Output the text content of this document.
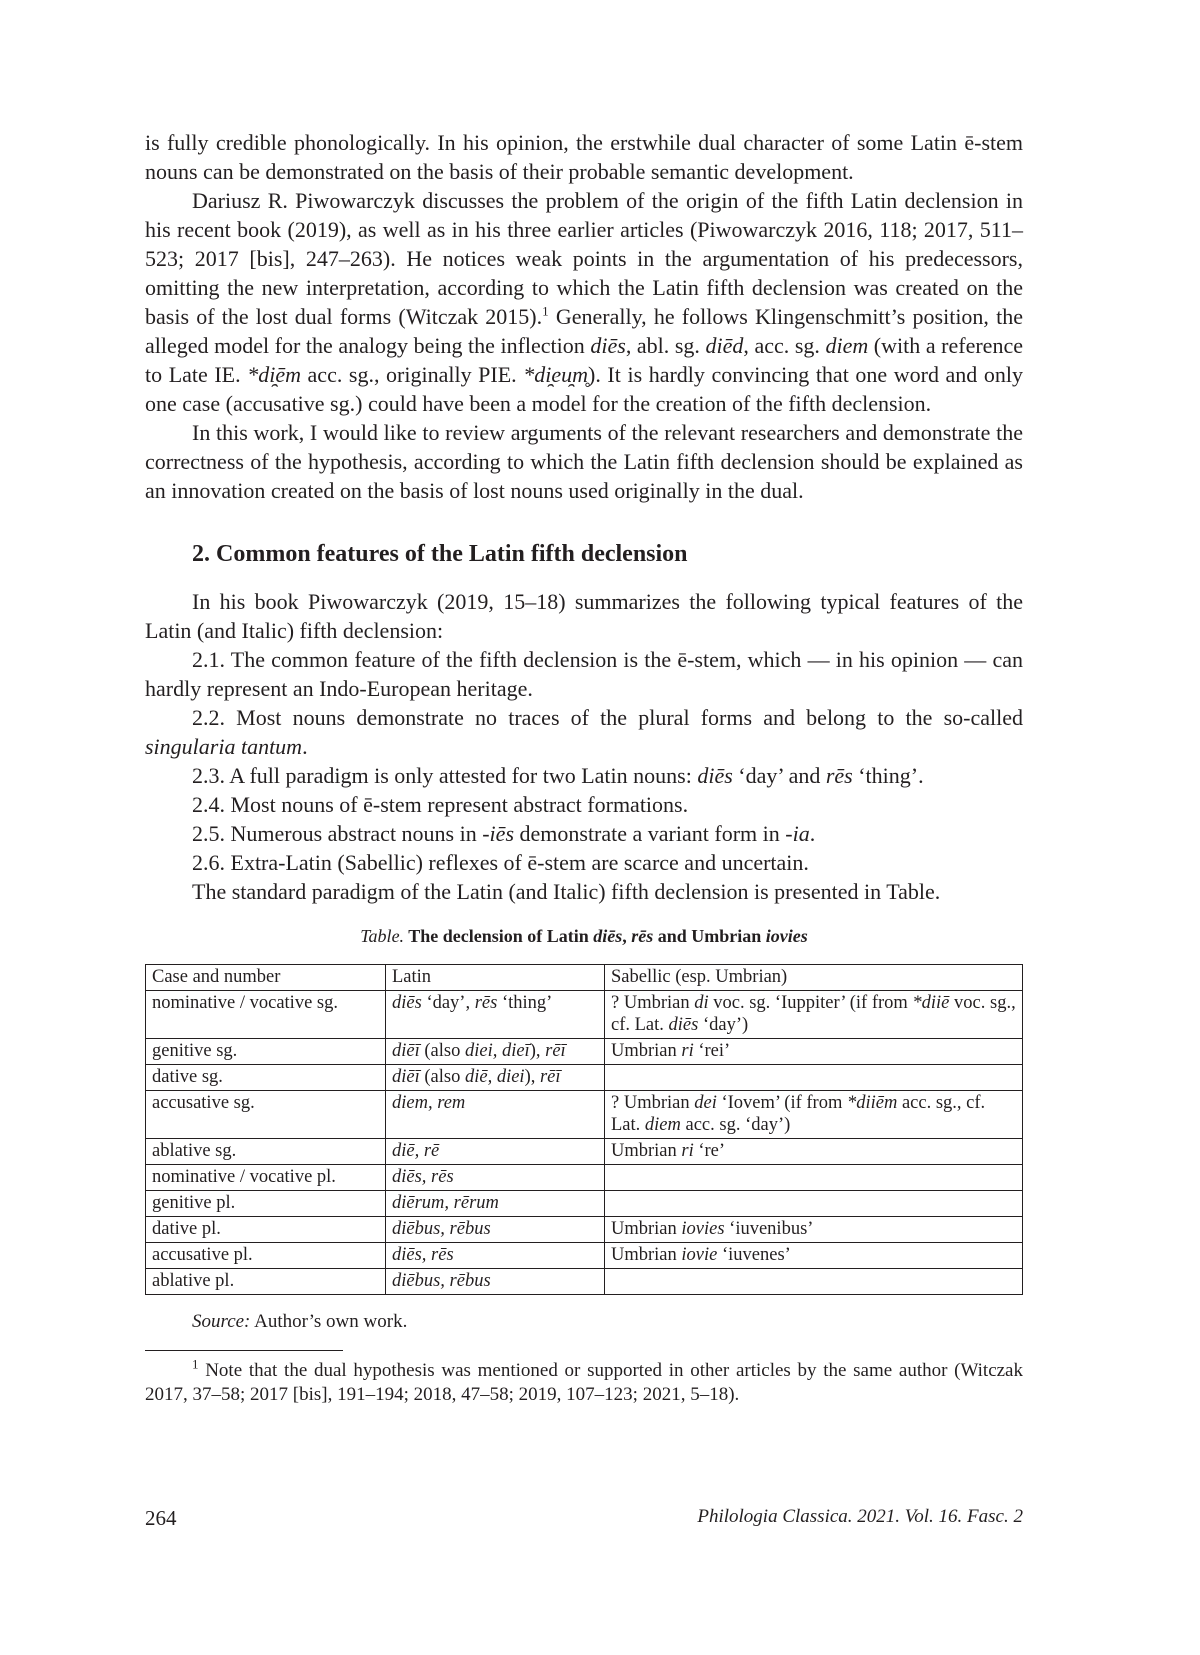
is fully credible phonologically. In his opinion, the erstwhile dual character of some Latin ē-stem nouns can be demonstrated on the basis of their probable semantic development.

Dariusz R. Piwowarczyk discusses the problem of the origin of the fifth Latin declension in his recent book (2019), as well as in his three earlier articles (Piwowarczyk 2016, 118; 2017, 511–523; 2017 [bis], 247–263). He notices weak points in the argumentation of his predecessors, omitting the new interpretation, according to which the Latin fifth declension was created on the basis of the lost dual forms (Witczak 2015).$^1$ Generally, he follows Klingenschmitt’s position, the alleged model for the analogy being the inflection diēs, abl. sg. diēd, acc. sg. diem (with a reference to Late IE. *di̯ēm acc. sg., originally PIE. *di̯eu̯m̥). It is hardly convincing that one word and only one case (accusative sg.) could have been a model for the creation of the fifth declension.

In this work, I would like to review arguments of the relevant researchers and demonstrate the correctness of the hypothesis, according to which the Latin fifth declension should be explained as an innovation created on the basis of lost nouns used originally in the dual.

2. Common features of the Latin fifth declension

In his book Piwowarczyk (2019, 15–18) summarizes the following typical features of the Latin (and Italic) fifth declension:

2.1. The common feature of the fifth declension is the ē-stem, which — in his opinion — can hardly represent an Indo-European heritage.

2.2. Most nouns demonstrate no traces of the plural forms and belong to the so-called singularia tantum.

2.3. A full paradigm is only attested for two Latin nouns: diēs ‘day’ and rēs ‘thing’.

2.4. Most nouns of ē-stem represent abstract formations.

2.5. Numerous abstract nouns in -iēs demonstrate a variant form in -ia.

2.6. Extra-Latin (Sabellic) reflexes of ē-stem are scarce and uncertain.

The standard paradigm of the Latin (and Italic) fifth declension is presented in Table.

Table. The declension of Latin diēs, rēs and Umbrian iovies
Case and number	Latin	Sabellic (esp. Umbrian)
nominative / vocative sg.	diēs ‘day’, rēs ‘thing’	? Umbrian di voc. sg. ‘Iuppiter’ (if from *diiē voc. sg., cf. Lat. diēs ‘day’)
genitive sg.	diēī (also diei, dieī), rēī	Umbrian ri ‘rei’
dative sg.	diēī (also diē, diei), rēī	
accusative sg.	diem, rem	? Umbrian dei ‘Iovem’ (if from *diiēm acc. sg., cf. Lat. diem acc. sg. ‘day’)
ablative sg.	diē, rē	Umbrian ri ‘re’
nominative / vocative pl.	diēs, rēs	
genitive pl.	diērum, rērum	
dative pl.	diēbus, rēbus	Umbrian iovies ‘iuvenibus’
accusative pl.	diēs, rēs	Umbrian iovie ‘iuvenes’
ablative pl.	diēbus, rēbus	
Source: Author’s own work.

$^1$ Note that the dual hypothesis was mentioned or supported in other articles by the same author (Witczak 2017, 37–58; 2017 [bis], 191–194; 2018, 47–58; 2019, 107–123; 2021, 5–18).

264	Philologia Classica. 2021. Vol. 16. Fasc. 2
